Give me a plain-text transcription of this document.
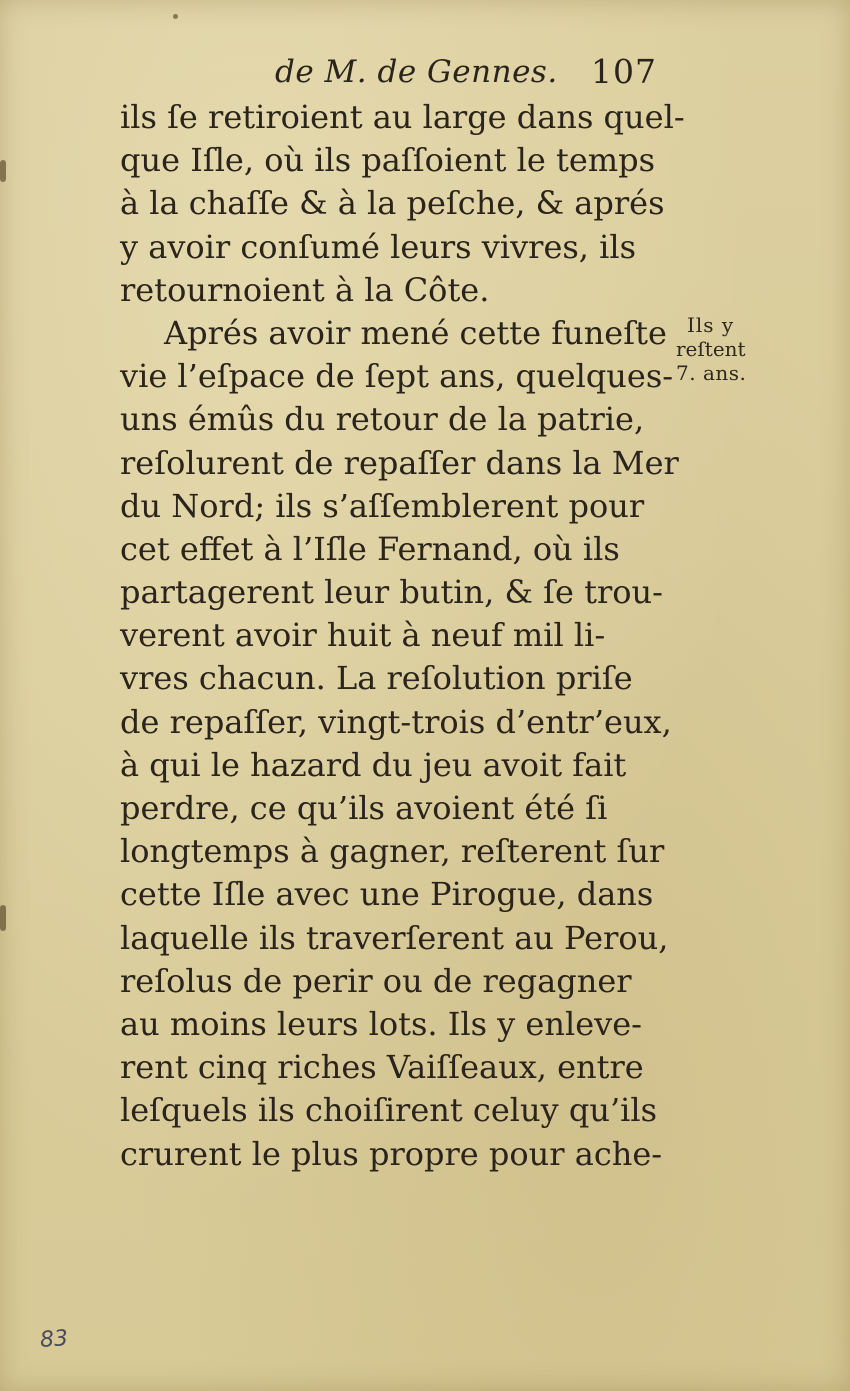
de M. de Gennes. 107
ils ſe retiroient au large dans quel-
que Iſle, où ils paſſoient le temps
à la chaſſe & à la peſche, & aprés
y avoir conſumé leurs vivres, ils
retournoient à la Côte.
Aprés avoir mené cette funeſte
vie l’eſpace de ſept ans, quelques-
uns émûs du retour de la patrie,
reſolurent de repaſſer dans la Mer
du Nord; ils s’aſſemblerent pour
cet effet à l’Iſle Fernand, où ils
partagerent leur butin, & ſe trou-
verent avoir huit à neuf mil li-
vres chacun. La reſolution priſe
de repaſſer, vingt-trois d’entr’eux,
à qui le hazard du jeu avoit fait
perdre, ce qu’ils avoient été ſi
longtemps à gagner, reſterent ſur
cette Iſle avec une Pirogue, dans
laquelle ils traverſerent au Perou,
reſolus de perir ou de regagner
au moins leurs lots. Ils y enleve-
rent cinq riches Vaiſſeaux, entre
leſquels ils choiſirent celuy qu’ils
crurent le plus propre pour ache-
Ils y
reſtent
7. ans.
83
